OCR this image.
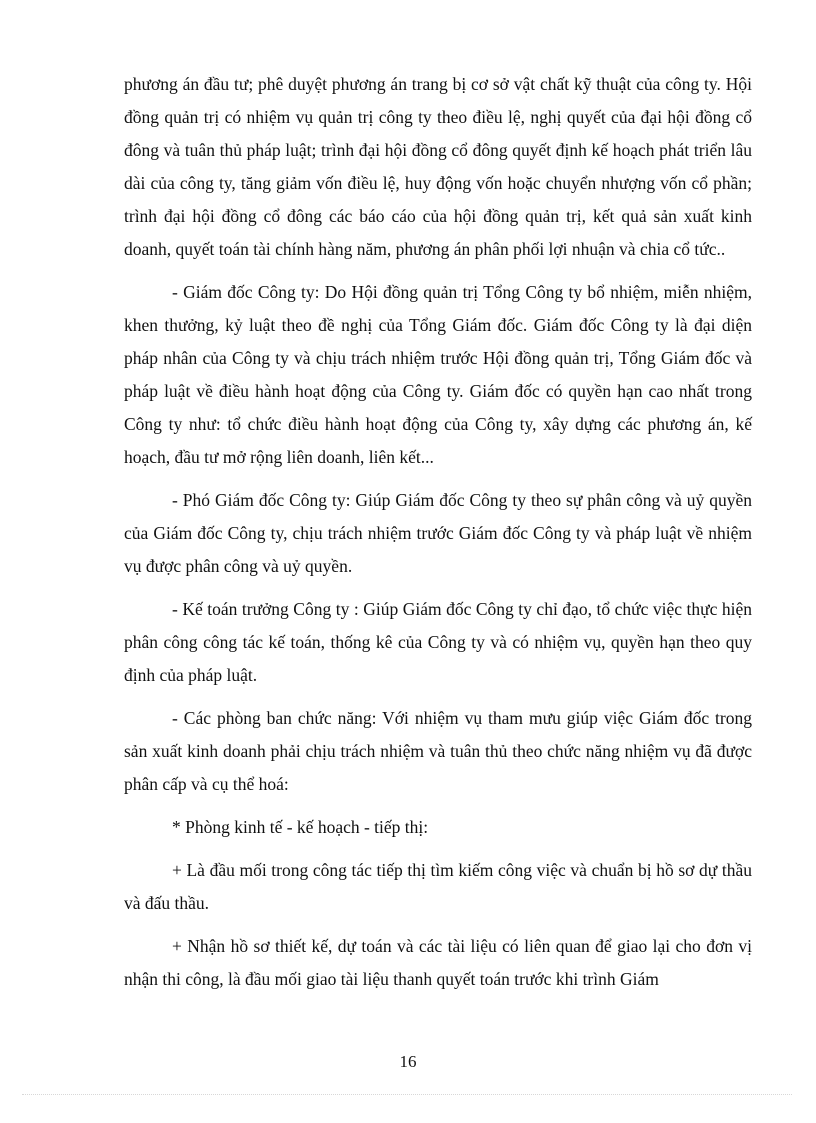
phương án đầu tư; phê duyệt phương án trang bị cơ sở vật chất kỹ thuật của công ty. Hội đồng quản trị có nhiệm vụ quản trị công ty theo điều lệ, nghị quyết của đại hội đồng cổ đông và tuân thủ pháp luật; trình đại hội đồng cổ đông quyết định kế hoạch phát triển lâu dài của công ty, tăng giảm vốn điều lệ, huy động vốn hoặc chuyển nhượng vốn cổ phần; trình đại hội đồng cổ đông các báo cáo của hội đồng quản trị, kết quả sản xuất kinh doanh, quyết toán tài chính hàng năm, phương án phân phối lợi nhuận và chia cổ tức..

- Giám đốc Công ty: Do Hội đồng quản trị Tổng Công ty bổ nhiệm, miễn nhiệm, khen thưởng, kỷ luật theo đề nghị của Tổng Giám đốc. Giám đốc Công ty là đại diện pháp nhân của Công ty và chịu trách nhiệm trước Hội đồng quản trị, Tổng Giám đốc và pháp luật về điều hành hoạt động của Công ty. Giám đốc có quyền hạn cao nhất trong Công ty như: tổ chức điều hành hoạt động của Công ty, xây dựng các phương án, kế hoạch, đầu tư mở rộng liên doanh, liên kết...

- Phó Giám đốc Công ty: Giúp Giám đốc Công ty theo sự phân công và uỷ quyền của Giám đốc Công ty, chịu trách nhiệm trước Giám đốc Công ty và pháp luật về nhiệm vụ được phân công và uỷ quyền.

- Kế toán trưởng Công ty : Giúp Giám đốc Công ty chỉ đạo, tổ chức việc thực hiện phân công công tác kế toán, thống kê của Công ty và có nhiệm vụ, quyền hạn theo quy định của pháp luật.

- Các phòng ban chức năng: Với nhiệm vụ tham mưu giúp việc Giám đốc trong sản xuất kinh doanh phải chịu trách nhiệm và tuân thủ theo chức năng nhiệm vụ đã được phân cấp và cụ thể hoá:

* Phòng kinh tế - kế hoạch - tiếp thị:

+ Là đầu mối trong công tác tiếp thị tìm kiếm công việc và chuẩn bị hồ sơ dự thầu và đấu thầu.

+ Nhận hồ sơ thiết kế, dự toán và các tài liệu có liên quan để giao lại cho đơn vị nhận thi công, là đầu mối giao tài liệu thanh quyết toán trước khi trình Giám

16
